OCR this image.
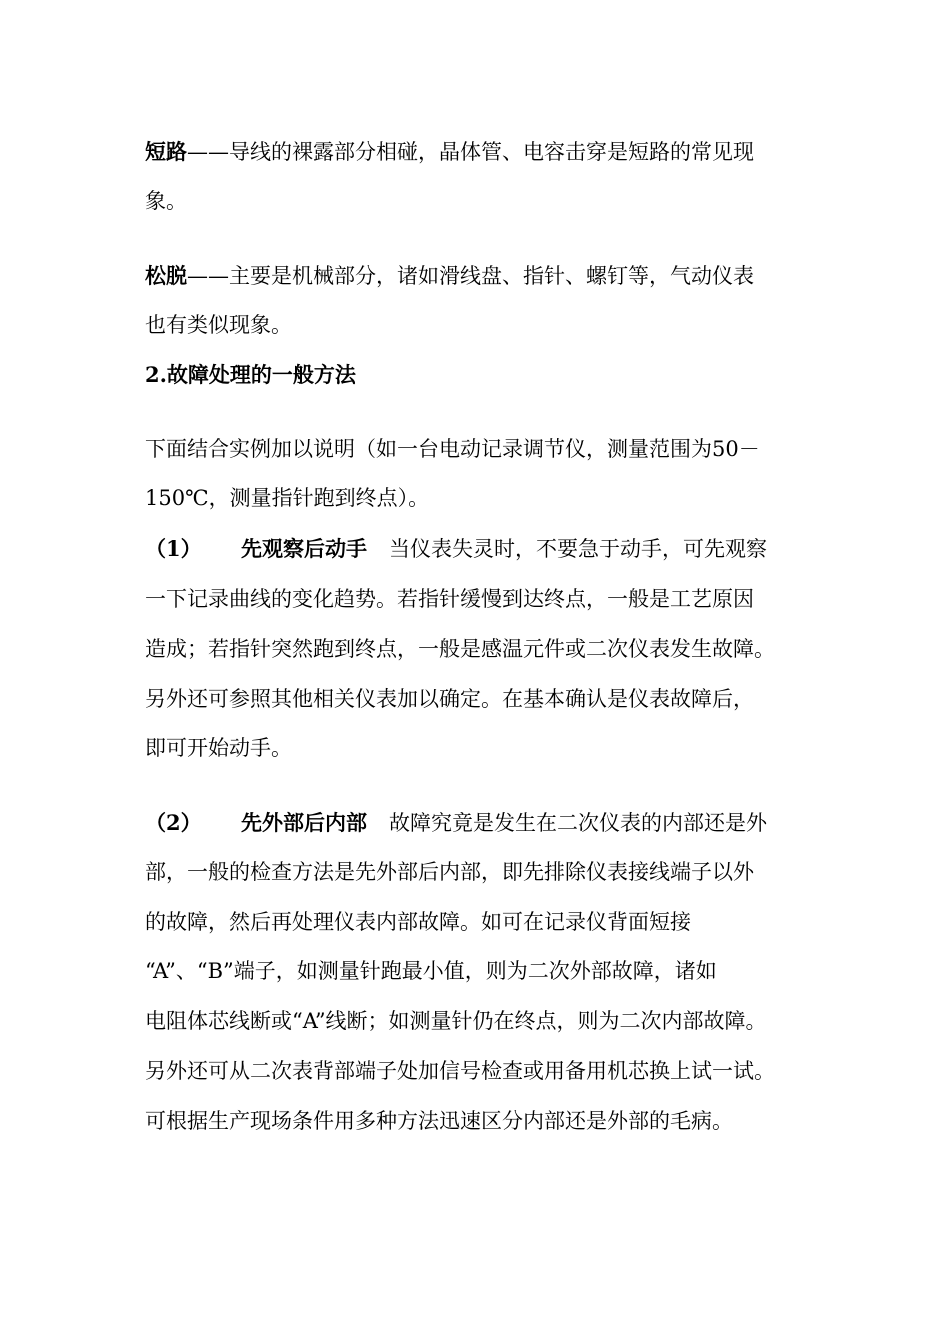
短路——导线的裸露部分相碰，晶体管、电容击穿是短路的常见现
象。
松脱——主要是机械部分，诸如滑线盘、指针、螺钉等，气动仪表
也有类似现象。
2.故障处理的一般方法
下面结合实例加以说明（如一台电动记录调节仪，测量范围为50－
150℃，测量指针跑到终点）。
（1） 先观察后动手 当仪表失灵时，不要急于动手，可先观察
一下记录曲线的变化趋势。若指针缓慢到达终点，一般是工艺原因
造成；若指针突然跑到终点，一般是感温元件或二次仪表发生故障。
另外还可参照其他相关仪表加以确定。在基本确认是仪表故障后，
即可开始动手。
（2） 先外部后内部 故障究竟是发生在二次仪表的内部还是外
部，一般的检查方法是先外部后内部，即先排除仪表接线端子以外
的故障，然后再处理仪表内部故障。如可在记录仪背面短接
“A”、“B”端子，如测量针跑最小值，则为二次外部故障，诸如
电阻体芯线断或“A”线断；如测量针仍在终点，则为二次内部故障。
另外还可从二次表背部端子处加信号检查或用备用机芯换上试一试。
可根据生产现场条件用多种方法迅速区分内部还是外部的毛病。
